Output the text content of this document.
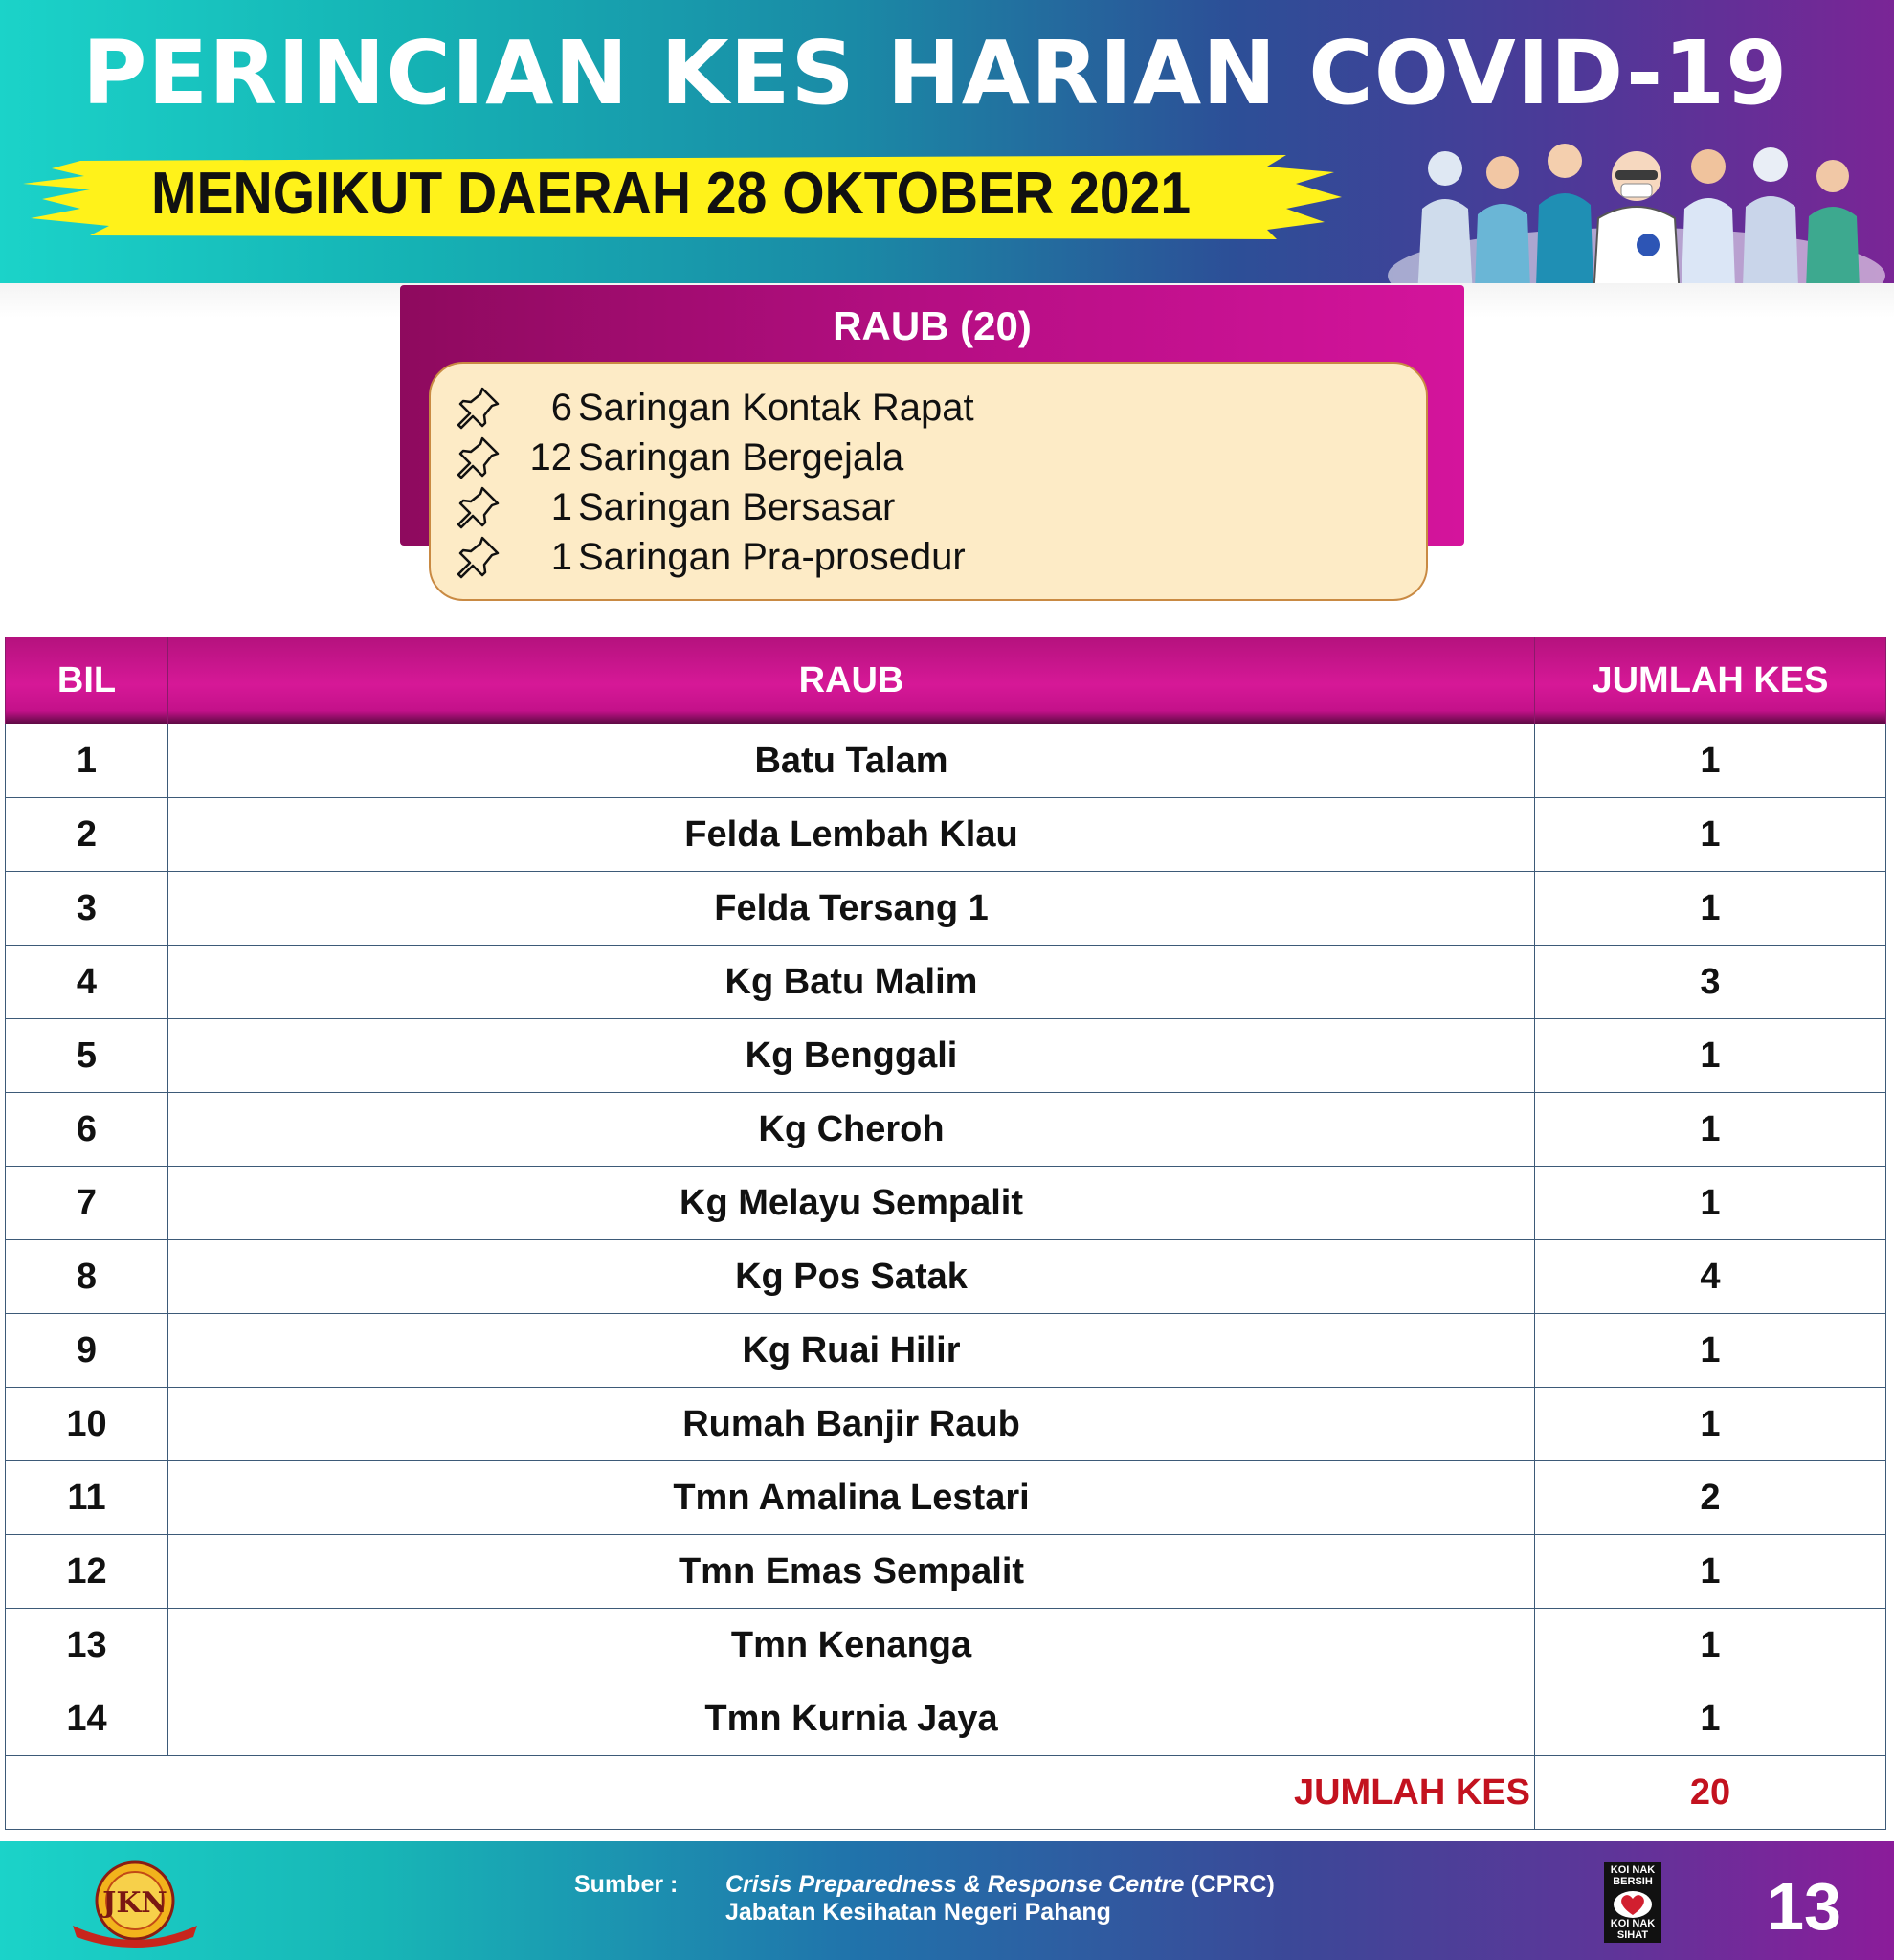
PERINCIAN KES HARIAN COVID-19
MENGIKUT DAERAH 28 OKTOBER 2021
RAUB (20)
6 Saringan Kontak Rapat
12 Saringan Bergejala
1 Saringan Bersasar
1 Saringan Pra-prosedur
BIL	RAUB	JUMLAH KES
1	Batu Talam	1
2	Felda Lembah Klau	1
3	Felda Tersang 1	1
4	Kg Batu Malim	3
5	Kg Benggali	1
6	Kg Cheroh	1
7	Kg Melayu Sempalit	1
8	Kg Pos Satak	4
9	Kg Ruai Hilir	1
10	Rumah Banjir Raub	1
11	Tmn Amalina Lestari	2
12	Tmn Emas Sempalit	1
13	Tmn Kenanga	1
14	Tmn Kurnia Jaya	1
JUMLAH KES		20
JKN
Sumber :	Crisis Preparedness & Response Centre (CPRC)
Jabatan Kesihatan Negeri Pahang
KOI NAK
BERSIH
KOI NAK
SIHAT	13
